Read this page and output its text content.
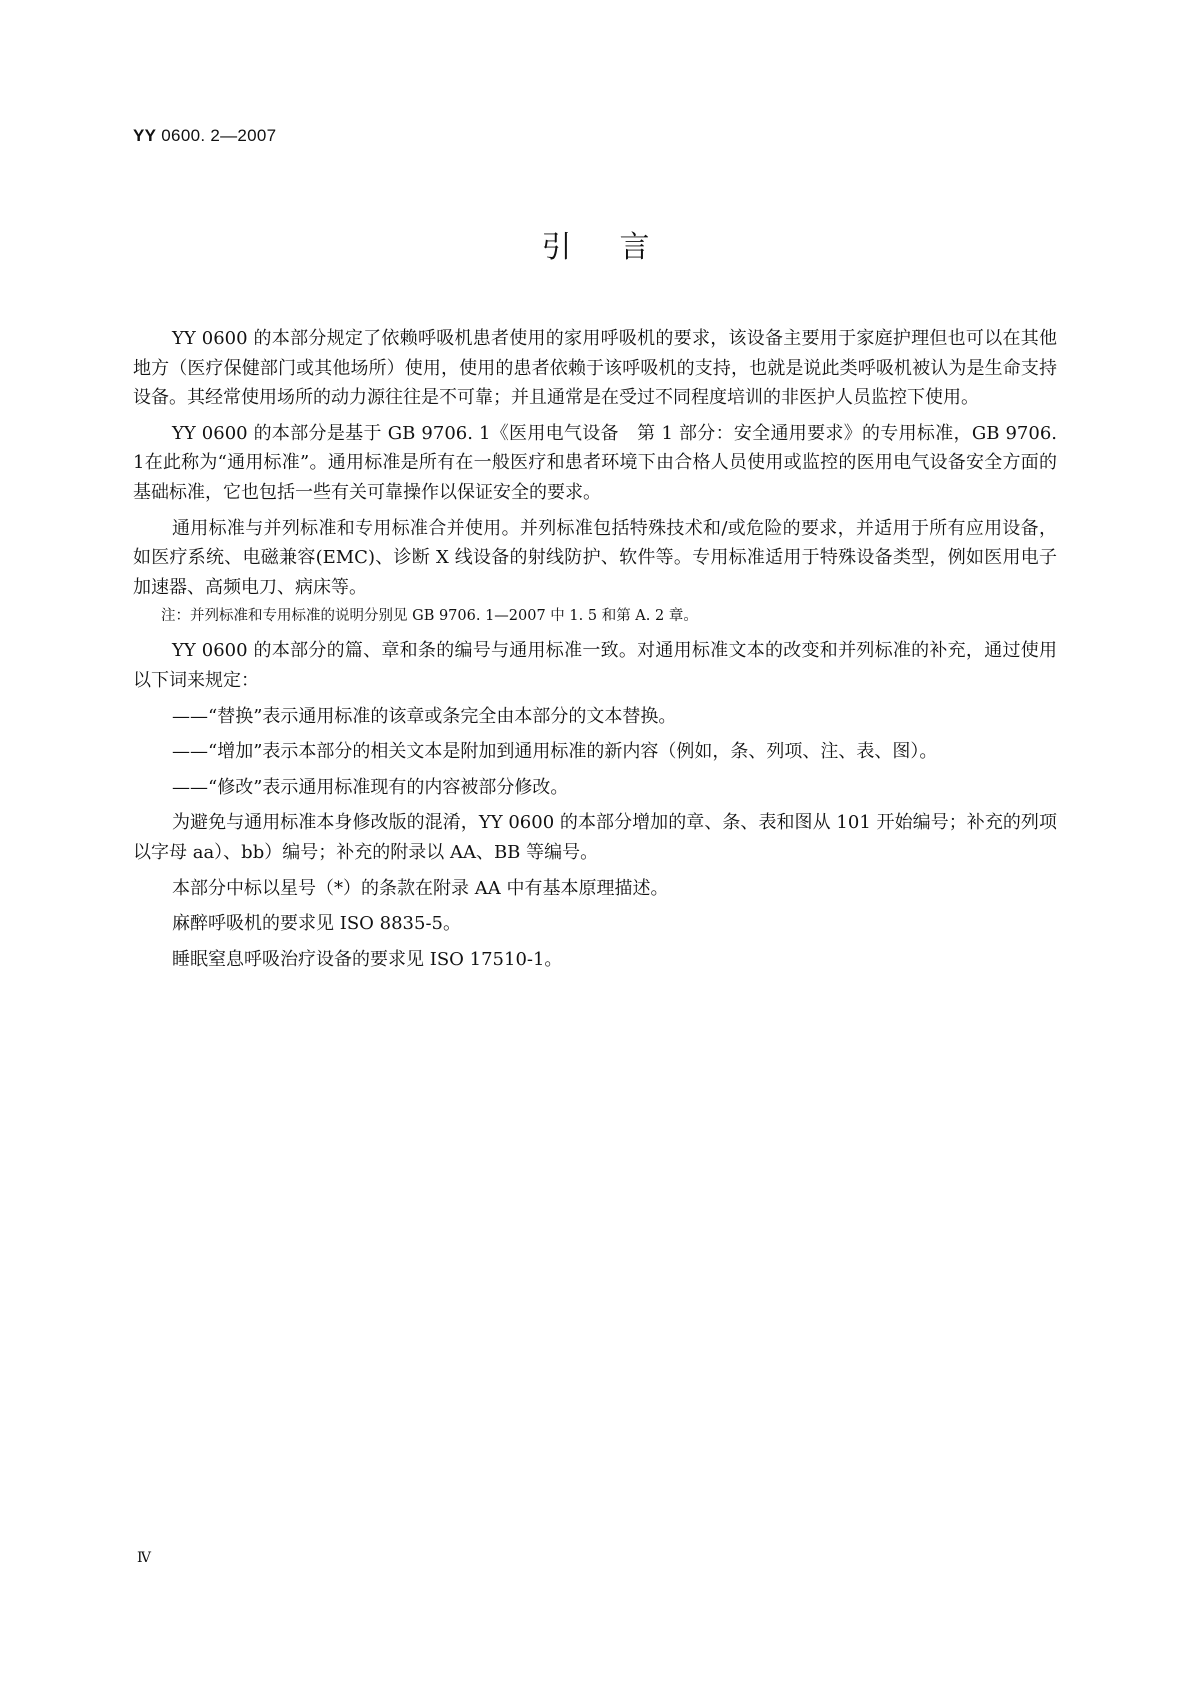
YY 0600. 2—2007
引言

YY 0600 的本部分规定了依赖呼吸机患者使用的家用呼吸机的要求，该设备主要用于家庭护理但也可以在其他地方（医疗保健部门或其他场所）使用，使用的患者依赖于该呼吸机的支持，也就是说此类呼吸机被认为是生命支持设备。其经常使用场所的动力源往往是不可靠；并且通常是在受过不同程度培训的非医护人员监控下使用。

YY 0600 的本部分是基于 GB 9706. 1《医用电气设备　第 1 部分：安全通用要求》的专用标准，GB 9706. 1在此称为“通用标准”。通用标准是所有在一般医疗和患者环境下由合格人员使用或监控的医用电气设备安全方面的基础标准，它也包括一些有关可靠操作以保证安全的要求。

通用标准与并列标准和专用标准合并使用。并列标准包括特殊技术和/或危险的要求，并适用于所有应用设备，如医疗系统、电磁兼容(EMC)、诊断 X 线设备的射线防护、软件等。专用标准适用于特殊设备类型，例如医用电子加速器、高频电刀、病床等。

注：并列标准和专用标准的说明分别见 GB 9706. 1—2007 中 1. 5 和第 A. 2 章。

YY 0600 的本部分的篇、章和条的编号与通用标准一致。对通用标准文本的改变和并列标准的补充，通过使用以下词来规定：

——“替换”表示通用标准的该章或条完全由本部分的文本替换。

——“增加”表示本部分的相关文本是附加到通用标准的新内容（例如，条、列项、注、表、图）。

——“修改”表示通用标准现有的内容被部分修改。

为避免与通用标准本身修改版的混淆，YY 0600 的本部分增加的章、条、表和图从 101 开始编号；补充的列项以字母 aa）、bb）编号；补充的附录以 AA、BB 等编号。

本部分中标以星号（*）的条款在附录 AA 中有基本原理描述。

麻醉呼吸机的要求见 ISO 8835-5。

睡眠窒息呼吸治疗设备的要求见 ISO 17510-1。

Ⅳ
